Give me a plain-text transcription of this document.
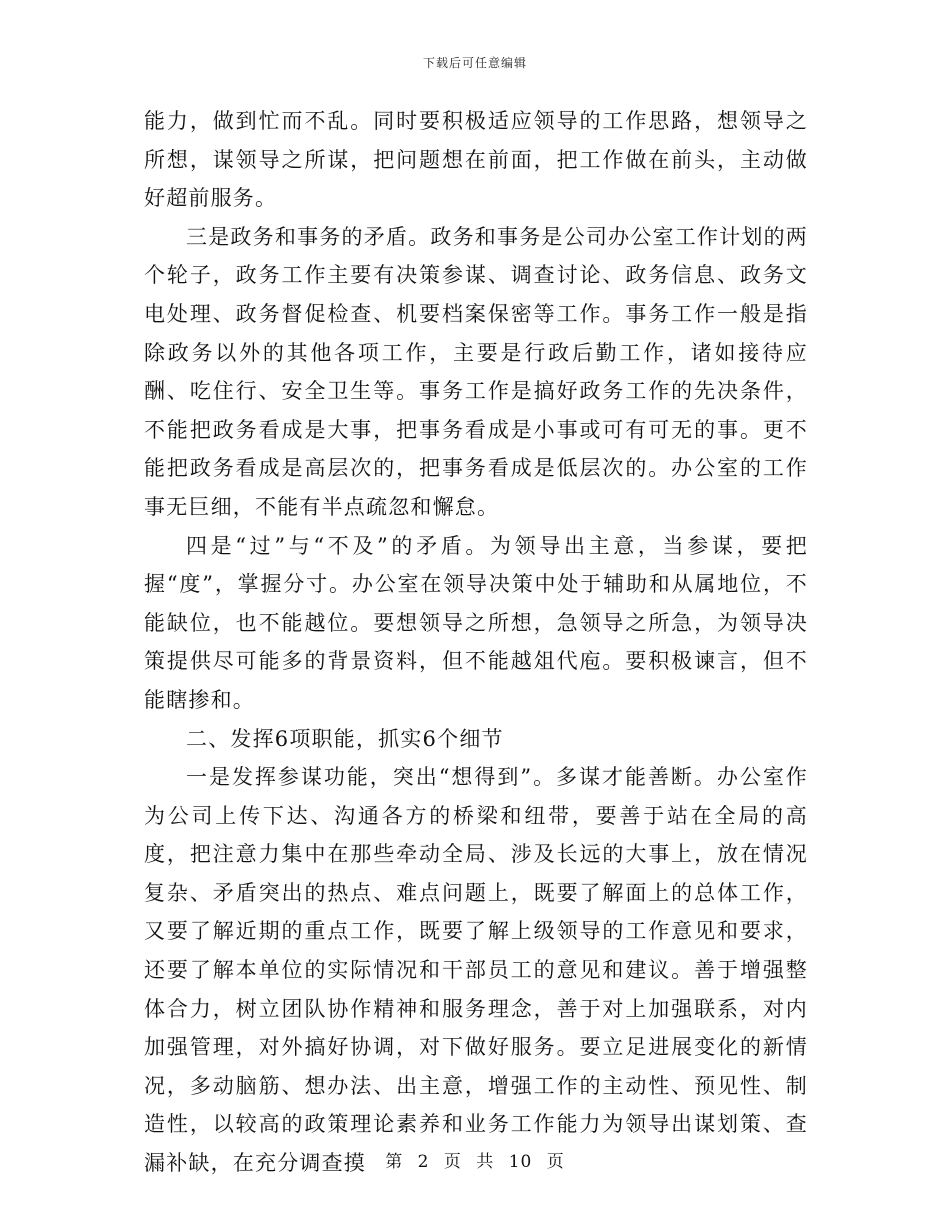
下载后可任意编辑

能力，做到忙而不乱。同时要积极适应领导的工作思路，想领导之所想，谋领导之所谋，把问题想在前面，把工作做在前头，主动做好超前服务。

三是政务和事务的矛盾。政务和事务是公司办公室工作计划的两个轮子，政务工作主要有决策参谋、调查讨论、政务信息、政务文电处理、政务督促检查、机要档案保密等工作。事务工作一般是指除政务以外的其他各项工作，主要是行政后勤工作，诸如接待应酬、吃住行、安全卫生等。事务工作是搞好政务工作的先决条件，不能把政务看成是大事，把事务看成是小事或可有可无的事。更不能把政务看成是高层次的，把事务看成是低层次的。办公室的工作事无巨细，不能有半点疏忽和懈怠。

四是“过”与“不及”的矛盾。为领导出主意，当参谋，要把握“度”，掌握分寸。办公室在领导决策中处于辅助和从属地位，不能缺位，也不能越位。要想领导之所想，急领导之所急，为领导决策提供尽可能多的背景资料，但不能越俎代庖。要积极谏言，但不能瞎掺和。

二、发挥6项职能，抓实6个细节

一是发挥参谋功能，突出“想得到”。多谋才能善断。办公室作为公司上传下达、沟通各方的桥梁和纽带，要善于站在全局的高度，把注意力集中在那些牵动全局、涉及长远的大事上，放在情况复杂、矛盾突出的热点、难点问题上，既要了解面上的总体工作，又要了解近期的重点工作，既要了解上级领导的工作意见和要求，还要了解本单位的实际情况和干部员工的意见和建议。善于增强整体合力，树立团队协作精神和服务理念，善于对上加强联系，对内加强管理，对外搞好协调，对下做好服务。要立足进展变化的新情况，多动脑筋、想办法、出主意，增强工作的主动性、预见性、制造性，以较高的政策理论素养和业务工作能力为领导出谋划策、查漏补缺，在充分调查摸	第 2 页 共 10 页
